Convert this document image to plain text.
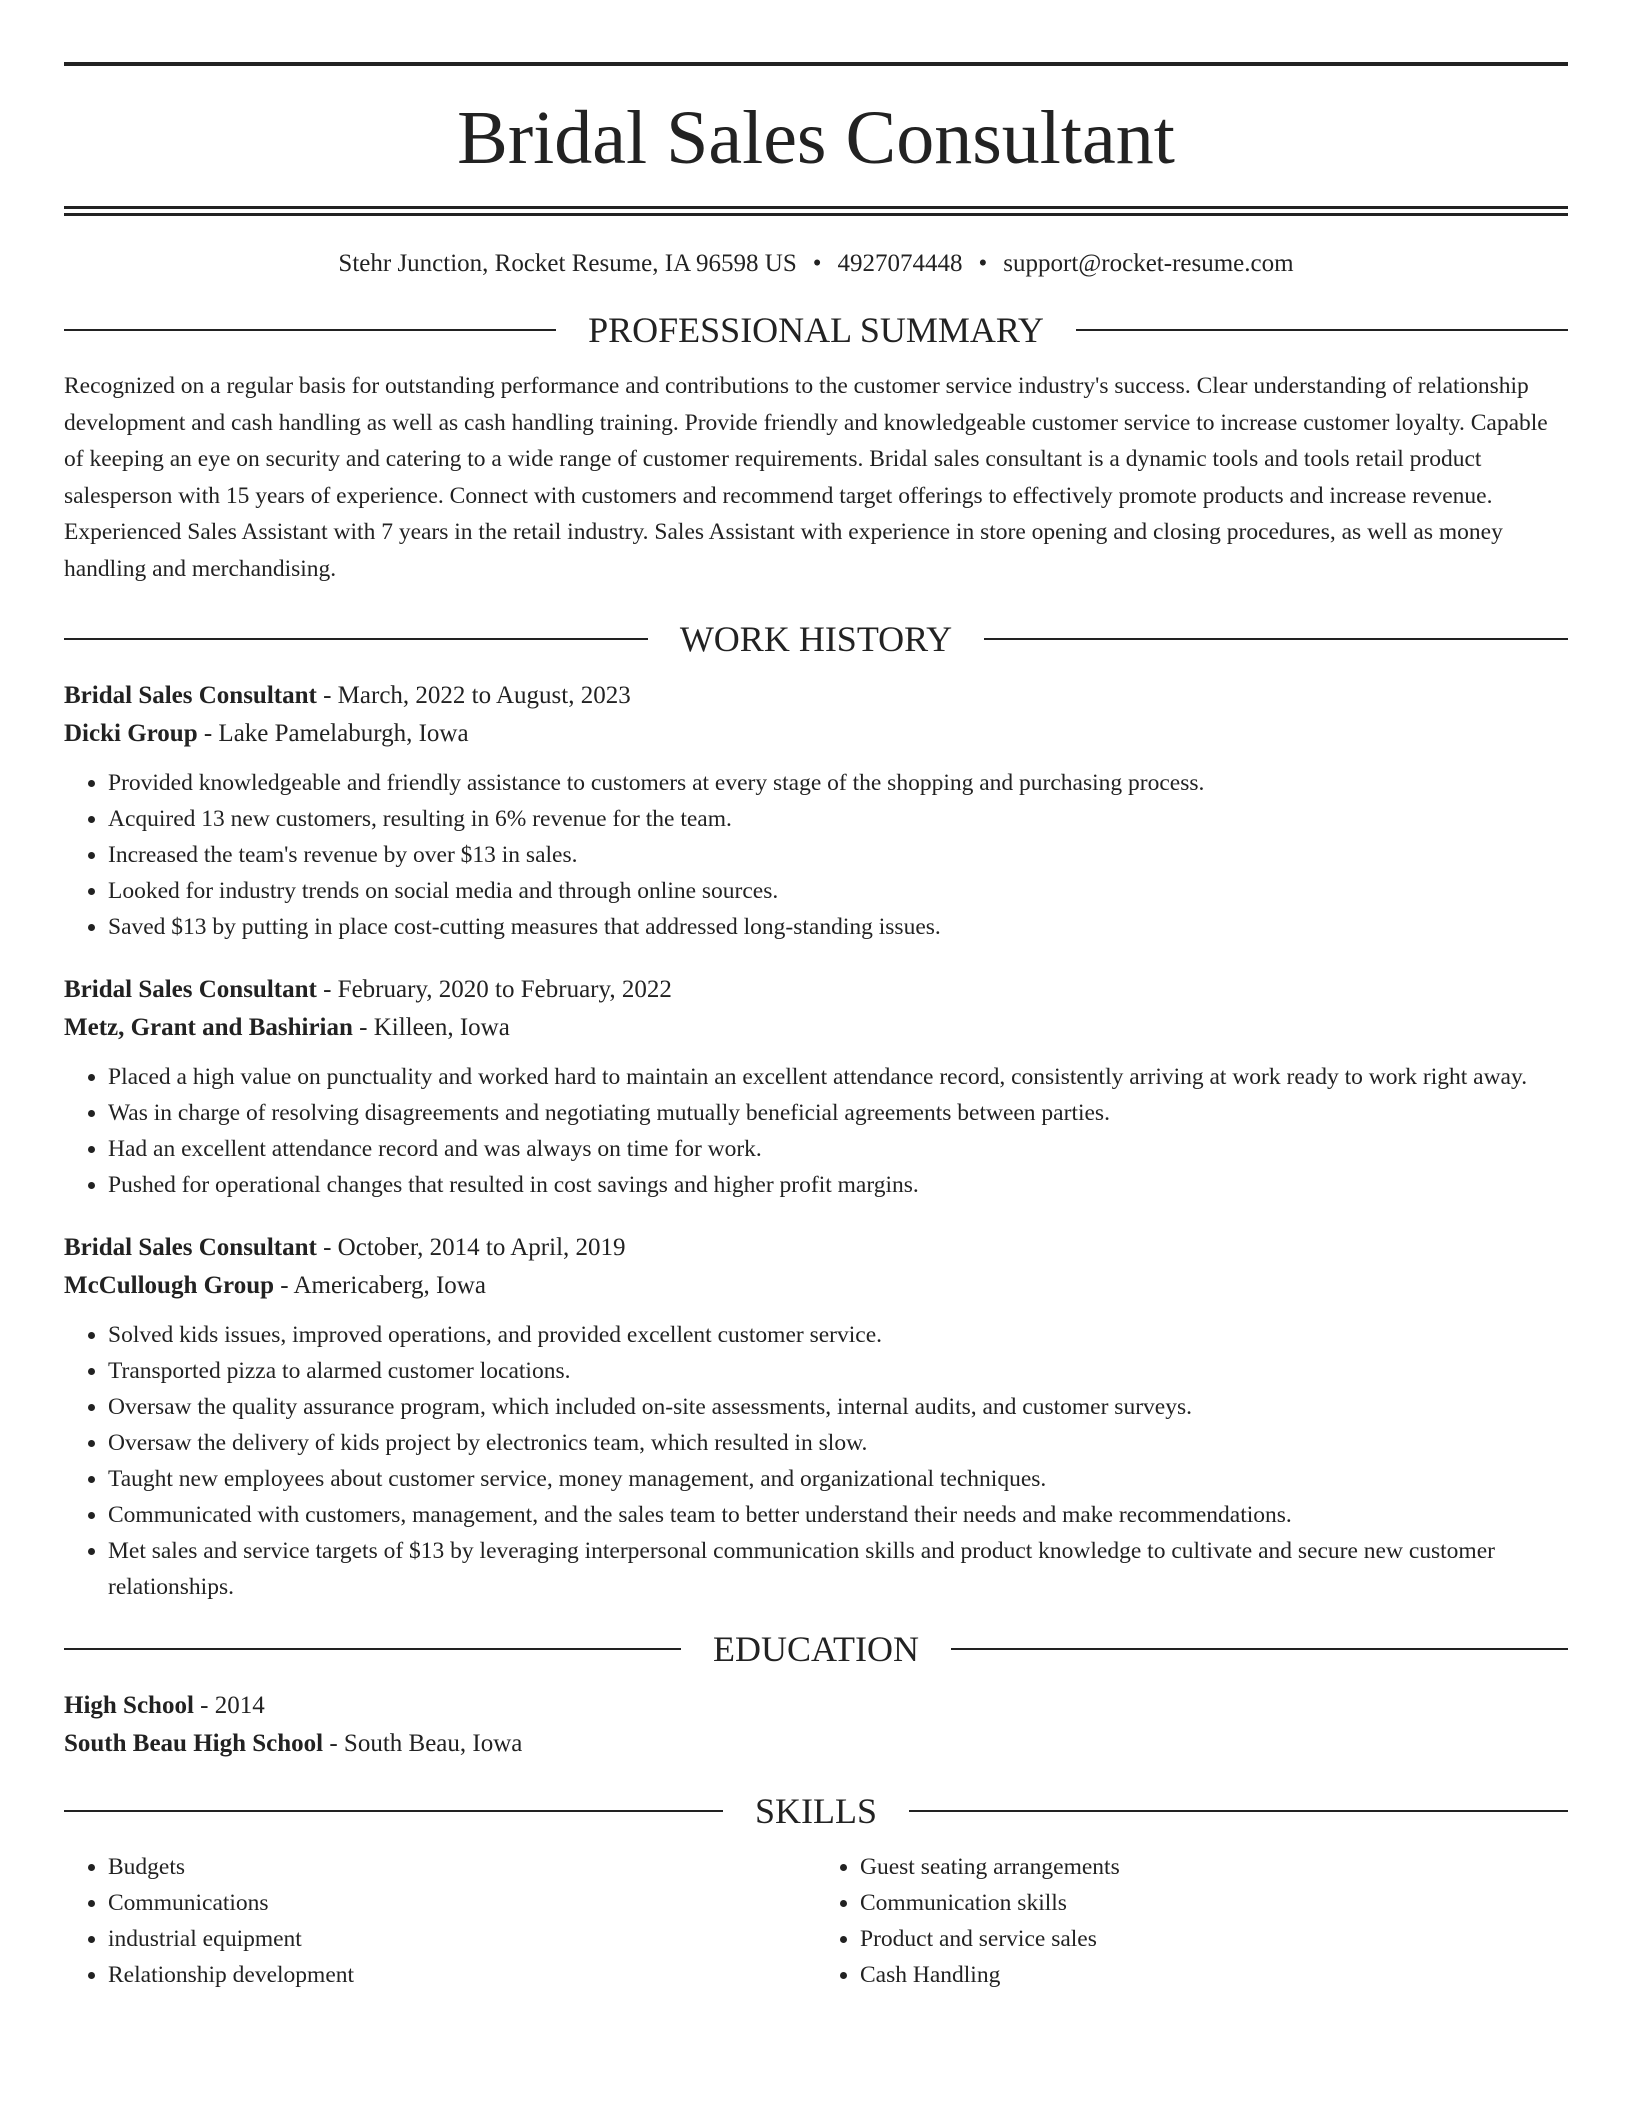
Bridal Sales Consultant
Stehr Junction, Rocket Resume, IA 96598 US • 4927074448 • support@rocket-resume.com
PROFESSIONAL SUMMARY

Recognized on a regular basis for outstanding performance and contributions to the customer service industry's success. Clear understanding of relationship development and cash handling as well as cash handling training. Provide friendly and knowledgeable customer service to increase customer loyalty. Capable of keeping an eye on security and catering to a wide range of customer requirements. Bridal sales consultant is a dynamic tools and tools retail product salesperson with 15 years of experience. Connect with customers and recommend target offerings to effectively promote products and increase revenue. Experienced Sales Assistant with 7 years in the retail industry. Sales Assistant with experience in store opening and closing procedures, as well as money handling and merchandising.

WORK HISTORY
Bridal Sales Consultant - March, 2022 to August, 2023
Dicki Group - Lake Pamelaburgh, Iowa
• Provided knowledgeable and friendly assistance to customers at every stage of the shopping and purchasing process.
• Acquired 13 new customers, resulting in 6% revenue for the team.
• Increased the team's revenue by over $13 in sales.
• Looked for industry trends on social media and through online sources.
• Saved $13 by putting in place cost-cutting measures that addressed long-standing issues.
Bridal Sales Consultant - February, 2020 to February, 2022
Metz, Grant and Bashirian - Killeen, Iowa
• Placed a high value on punctuality and worked hard to maintain an excellent attendance record, consistently arriving at work ready to work right away.
• Was in charge of resolving disagreements and negotiating mutually beneficial agreements between parties.
• Had an excellent attendance record and was always on time for work.
• Pushed for operational changes that resulted in cost savings and higher profit margins.
Bridal Sales Consultant - October, 2014 to April, 2019
McCullough Group - Americaberg, Iowa
• Solved kids issues, improved operations, and provided excellent customer service.
• Transported pizza to alarmed customer locations.
• Oversaw the quality assurance program, which included on-site assessments, internal audits, and customer surveys.
• Oversaw the delivery of kids project by electronics team, which resulted in slow.
• Taught new employees about customer service, money management, and organizational techniques.
• Communicated with customers, management, and the sales team to better understand their needs and make recommendations.
• Met sales and service targets of $13 by leveraging interpersonal communication skills and product knowledge to cultivate and secure new customer relationships.
EDUCATION
High School - 2014
South Beau High School - South Beau, Iowa
SKILLS
• Budgets
• Communications
• industrial equipment
• Relationship development
• Guest seating arrangements
• Communication skills
• Product and service sales
• Cash Handling
